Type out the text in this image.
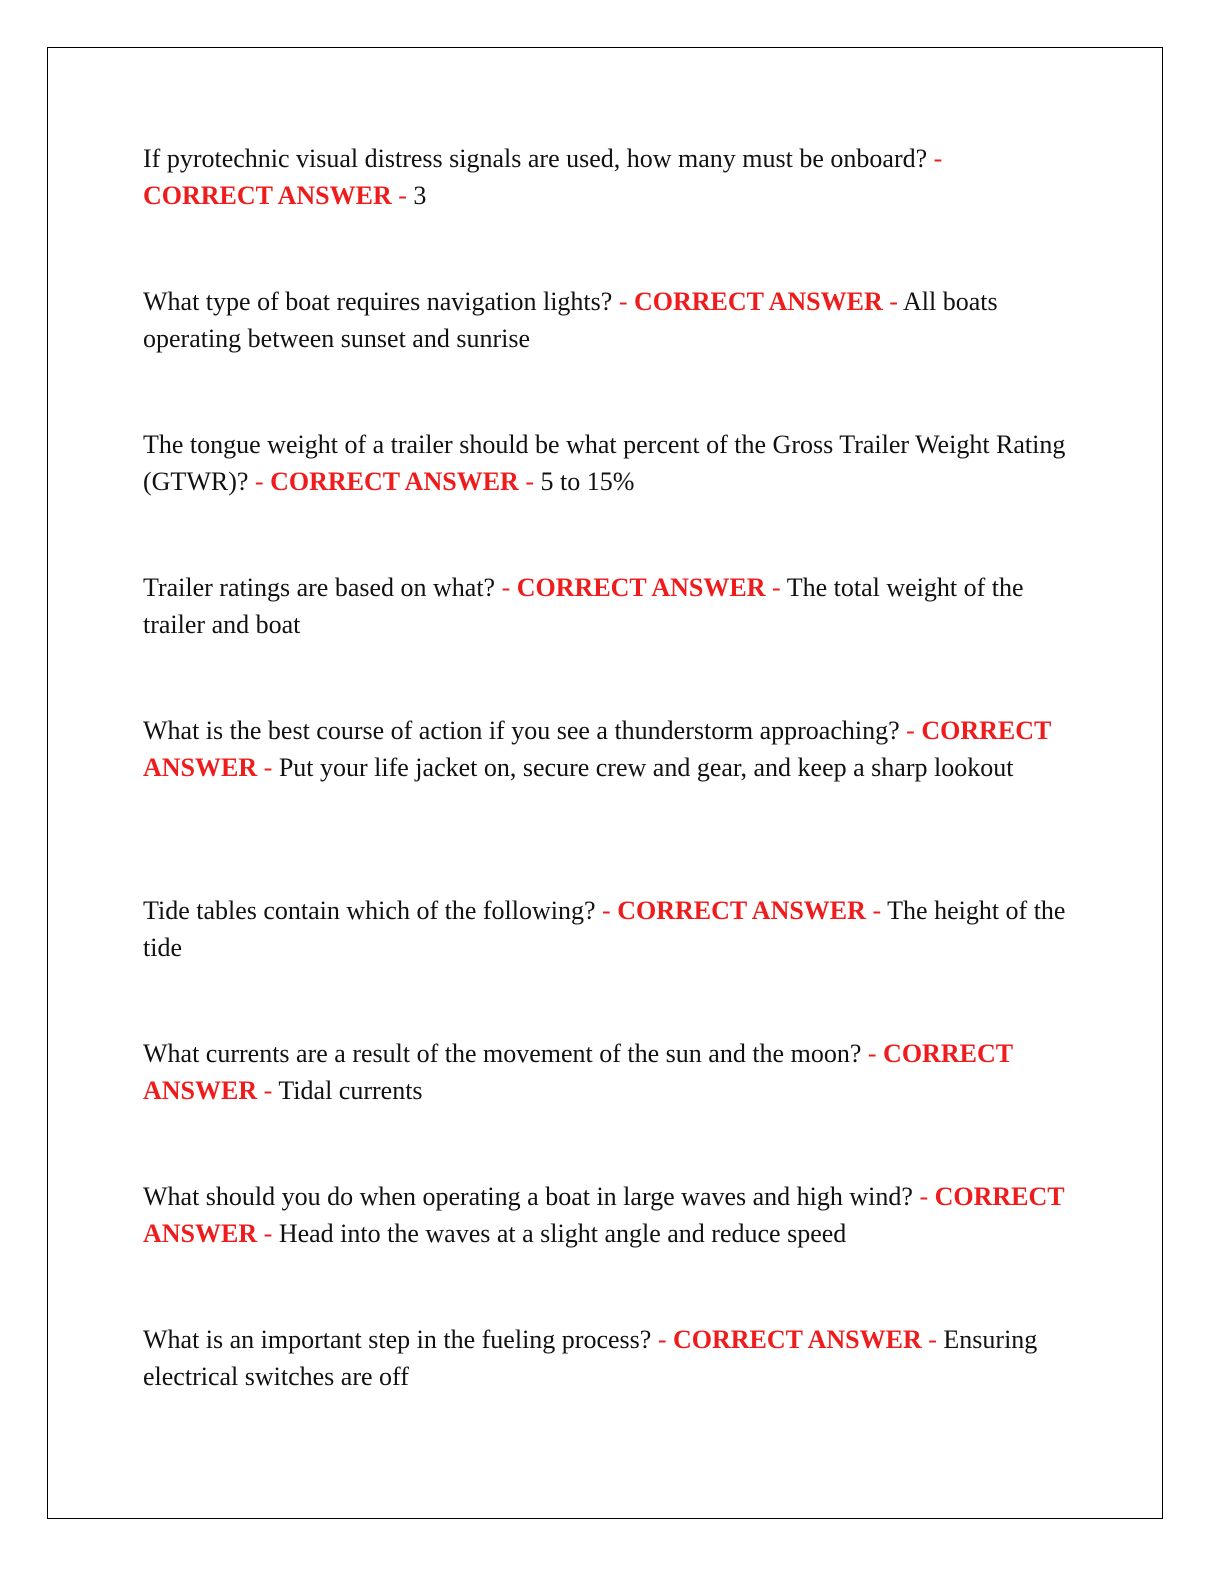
If pyrotechnic visual distress signals are used, how many must be onboard? - CORRECT ANSWER - 3
What type of boat requires navigation lights? - CORRECT ANSWER - All boats operating between sunset and sunrise
The tongue weight of a trailer should be what percent of the Gross Trailer Weight Rating (GTWR)? - CORRECT ANSWER - 5 to 15%
Trailer ratings are based on what? - CORRECT ANSWER - The total weight of the trailer and boat
What is the best course of action if you see a thunderstorm approaching? - CORRECT ANSWER - Put your life jacket on, secure crew and gear, and keep a sharp lookout
Tide tables contain which of the following? - CORRECT ANSWER - The height of the tide
What currents are a result of the movement of the sun and the moon? - CORRECT ANSWER - Tidal currents
What should you do when operating a boat in large waves and high wind? - CORRECT ANSWER - Head into the waves at a slight angle and reduce speed
What is an important step in the fueling process? - CORRECT ANSWER - Ensuring electrical switches are off
